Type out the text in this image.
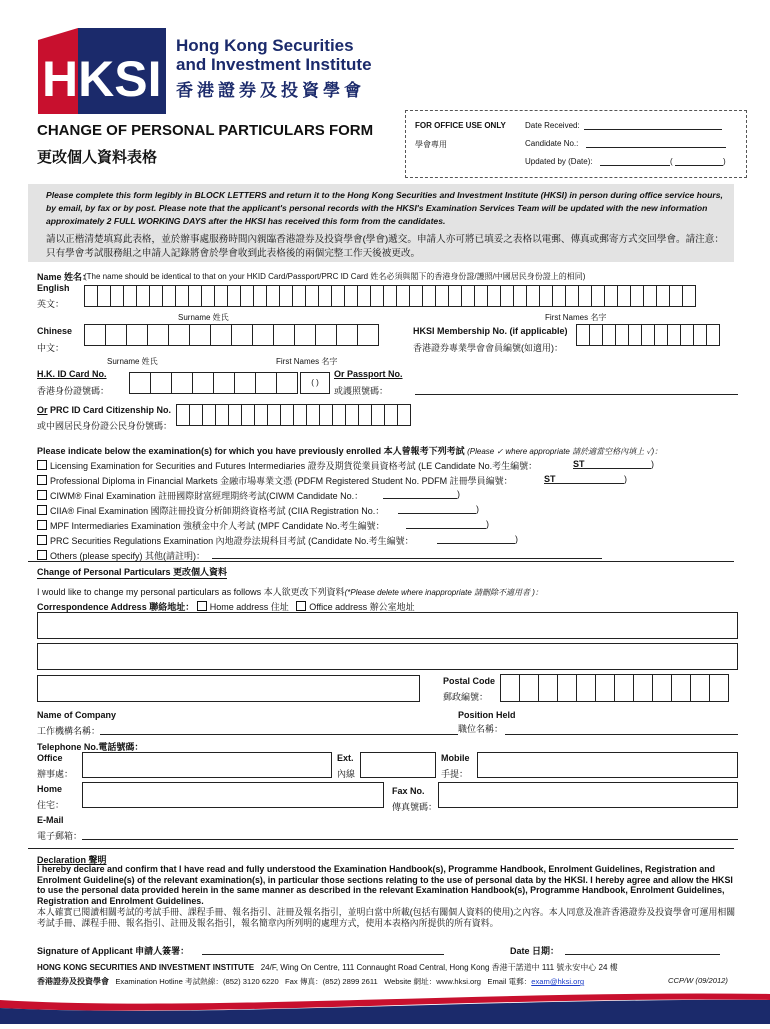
HKSI
Hong Kong Securities
and Investment Institute
香港證券及投資學會
CHANGE OF PERSONAL PARTICULARS FORM
更改個人資料表格
FOR OFFICE USE ONLY
學會專用
Date Received:
Candidate No.:
Updated by (Date):	(	)
Please complete this form legibly in BLOCK LETTERS and return it to the Hong Kong Securities and Investment Institute (HKSI) in person during office service hours, by email, by fax or by post. Please note that the applicant's personal records with the HKSI's Examination Services Team will be updated with the new information approximately 2 FULL WORKING DAYS after the HKSI has received this form from the candidates.
請以正楷清楚填寫此表格，並於辦事處服務時間內親臨香港證券及投資學會(學會)遞交。申請人亦可將已填妥之表格以電郵、傳真或郵寄方式交回學會。請注意：只有學會考試服務組之申請人記錄將會於學會收到此表格後的兩個完整工作天後被更改。
Name 姓名：
(The name should be identical to that on your HKID Card/Passport/PRC ID Card 姓名必須與閣下的香港身份證/護照/中國居民身份證上的相同)
English
英文：
Surname 姓氏	First Names 名字
Chinese
中文：
Surname 姓氏	First Names 名字
HKSI Membership No. (if applicable)
香港證券專業學會會員編號(如適用)：
H.K. ID Card No.
香港身份證號碼：
( )
Or Passport No.
或護照號碼：
Or PRC ID Card Citizenship No.
或中國居民身份證公民身份號碼：
Please indicate below the examination(s) for which you have previously enrolled 本人曾報考下列考試 (Please ✓ where appropriate 請於適當空格內填上 ✓)：
Licensing Examination for Securities and Futures Intermediaries 證券及期貨從業員資格考試 (LE Candidate No.考生編號：	ST	)
Professional Diploma in Financial Markets 金融市場專業文憑 (PDFM Registered Student No. PDFM 註冊學員編號：	ST	)
CIWM® Final Examination 註冊國際財富經理期終考試(CIWM Candidate No.：	)
CIIA® Final Examination 國際註冊投資分析師期終資格考試 (CIIA Registration No.：	)
MPF Intermediaries Examination 強積金中介人考試 (MPF Candidate No.考生編號：	)
PRC Securities Regulations Examination 內地證券法規科目考試 (Candidate No.考生編號：	)
Others (please specify) 其他(請註明)：
Change of Personal Particulars 更改個人資料
I would like to change my personal particulars as follows 本人欲更改下列資料(*Please delete where inappropriate 請刪除不適用者 )：
Correspondence Address 聯絡地址： Home address 住址 Office address 辦公室地址
Postal Code
郵政編號：
Name of Company
工作機構名稱：
Position Held
職位名稱：
Telephone No.電話號碼：
Office
辦事處：
Ext.
內線
Mobile
手提：
Home
住宅：
Fax No.
傳真號碼：
E-Mail
電子郵箱：
Declaration 聲明
I hereby declare and confirm that I have read and fully understood the Examination Handbook(s), Programme Handbook, Enrolment Guidelines, Registration and Enrolment Guideline(s) of the relevant examination(s), in particular those sections relating to the use of personal data by the HKSI. I hereby agree and allow the HKSI to use the personal data provided herein in the same manner as described in the relevant Examination Handbook(s), Programme Handbook, Enrolment Guidelines, Registration and Enrolment Guidelines.
本人確實已閱讀相關考試的考試手冊、課程手冊、報名指引、註冊及報名指引，並明白當中所載(包括有關個人資料的使用)之內容。本人同意及准許香港證券及投資學會可運用相關考試手冊、課程手冊、報名指引、註冊及報名指引，報名簡章內所列明的處理方式，使用本表格內所提供的所有資料。
Signature of Applicant 申請人簽署：	Date 日期：
HONG KONG SECURITIES AND INVESTMENT INSTITUTE 24/F, Wing On Centre, 111 Connaught Road Central, Hong Kong 香港干諾道中 111 號永安中心 24 樓
香港證券及投資學會 Examination Hotline 考試熱線：(852) 3120 6220 Fax 傳真：(852) 2899 2611 Website 網址：www.hksi.org Email 電郵：exam@hksi.org	CCP/W (09/2012)
